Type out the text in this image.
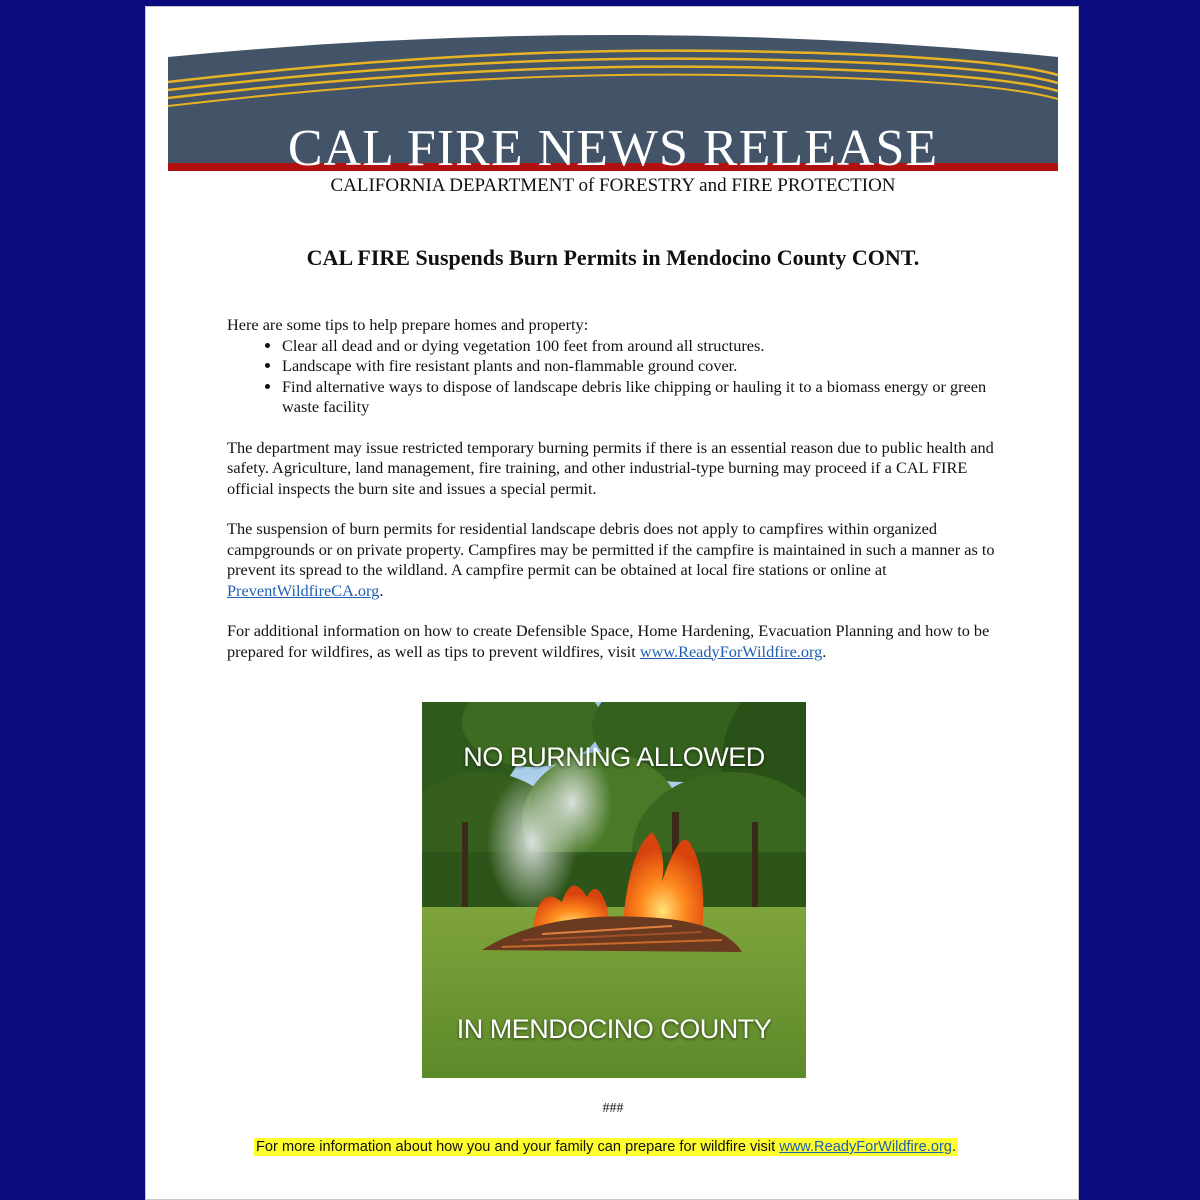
CAL FIRE NEWS RELEASE

CALIFORNIA DEPARTMENT of FORESTRY and FIRE PROTECTION

CAL FIRE Suspends Burn Permits in Mendocino County CONT.

Here are some tips to help prepare homes and property:

• Clear all dead and or dying vegetation 100 feet from around all structures.
• Landscape with fire resistant plants and non-flammable ground cover.
• Find alternative ways to dispose of landscape debris like chipping or hauling it to a biomass energy or green waste facility

The department may issue restricted temporary burning permits if there is an essential reason due to public health and safety. Agriculture, land management, fire training, and other industrial-type burning may proceed if a CAL FIRE official inspects the burn site and issues a special permit.

The suspension of burn permits for residential landscape debris does not apply to campfires within organized campgrounds or on private property. Campfires may be permitted if the campfire is maintained in such a manner as to prevent its spread to the wildland. A campfire permit can be obtained at local fire stations or online at PreventWildfireCA.org.

For additional information on how to create Defensible Space, Home Hardening, Evacuation Planning and how to be prepared for wildfires, as well as tips to prevent wildfires, visit www.ReadyForWildfire.org.

NO BURNING ALLOWED
IN MENDOCINO COUNTY
###
For more information about how you and your family can prepare for wildfire visit www.ReadyForWildfire.org.
